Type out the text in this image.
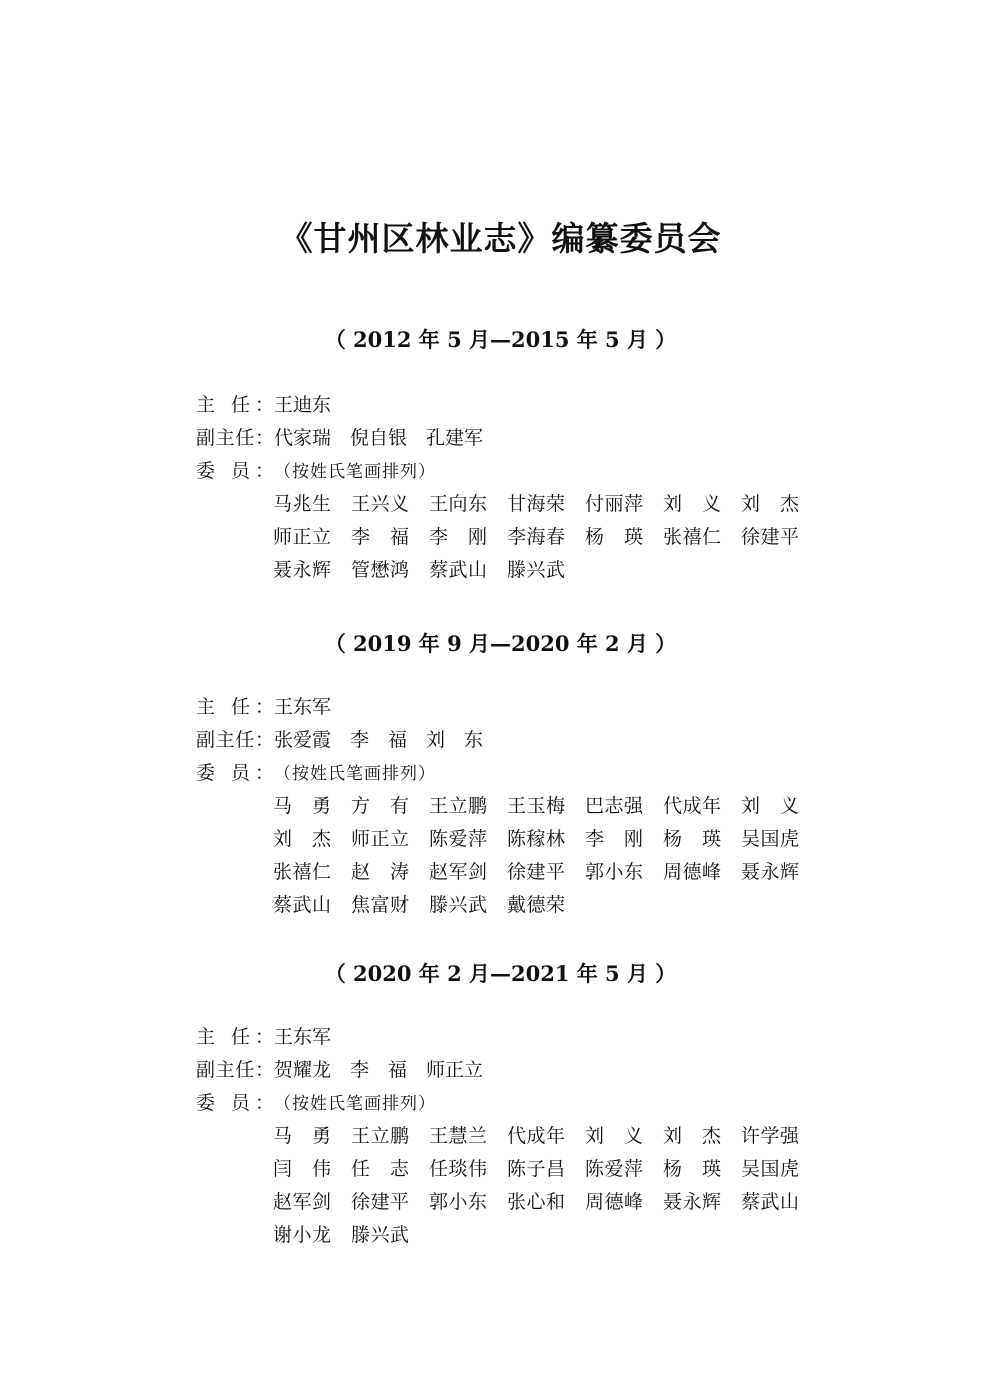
《甘州区林业志》编纂委员会
（ 2012 年 5 月—2015 年 5 月 ）
主 任：王迪东
副主任：代家瑞　倪自银　孔建军
委 员：（按姓氏笔画排列）
马兆生 王兴义 王向东 甘海荣 付丽萍 刘 义 刘 杰
师正立 李 福 李 刚 李海春 杨 瑛 张禧仁 徐建平
聂永辉 管懋鸿 蔡武山 滕兴武
（ 2019 年 9 月—2020 年 2 月 ）
主 任：王东军
副主任：张爱霞　李　福　刘　东
委 员：（按姓氏笔画排列）
马 勇 方 有 王立鹏 王玉梅 巴志强 代成年 刘 义
刘 杰 师正立 陈爱萍 陈稼林 李 刚 杨 瑛 吴国虎
张禧仁 赵 涛 赵军剑 徐建平 郭小东 周德峰 聂永辉
蔡武山 焦富财 滕兴武 戴德荣
（ 2020 年 2 月—2021 年 5 月 ）
主 任：王东军
副主任：贺耀龙　李　福　师正立
委 员：（按姓氏笔画排列）
马 勇 王立鹏 王慧兰 代成年 刘 义 刘 杰 许学强
闫 伟 任 志 任琰伟 陈子昌 陈爱萍 杨 瑛 吴国虎
赵军剑 徐建平 郭小东 张心和 周德峰 聂永辉 蔡武山
谢小龙 滕兴武
